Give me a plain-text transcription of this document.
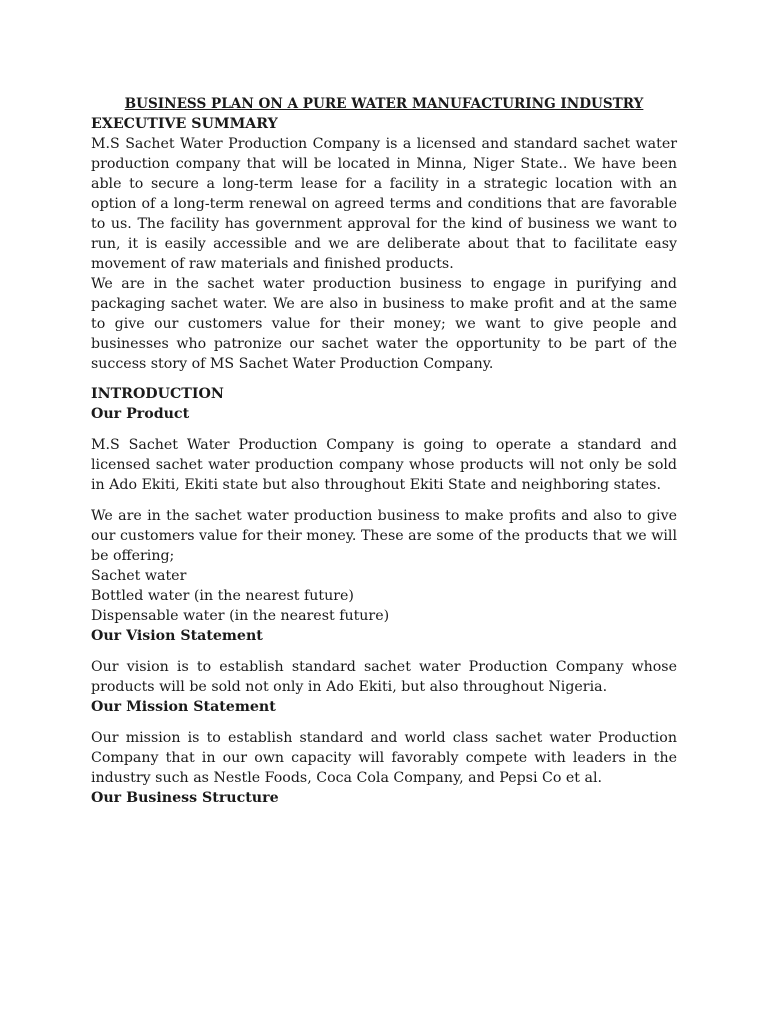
BUSINESS PLAN ON A PURE WATER MANUFACTURING INDUSTRY

EXECUTIVE SUMMARY

M.S Sachet Water Production Company is a licensed and standard sachet water production company that will be located in Minna, Niger State.. We have been able to secure a long-term lease for a facility in a strategic location with an option of a long-term renewal on agreed terms and conditions that are favorable to us. The facility has government approval for the kind of business we want to run, it is easily accessible and we are deliberate about that to facilitate easy movement of raw materials and finished products.

We are in the sachet water production business to engage in purifying and packaging sachet water. We are also in business to make profit and at the same to give our customers value for their money; we want to give people and businesses who patronize our sachet water the opportunity to be part of the success story of MS Sachet Water Production Company.

INTRODUCTION

Our Product

M.S Sachet Water Production Company is going to operate a standard and licensed sachet water production company whose products will not only be sold in Ado Ekiti, Ekiti state but also throughout Ekiti State and neighboring states.

We are in the sachet water production business to make profits and also to give our customers value for their money. These are some of the products that we will be offering;

Sachet water

Bottled water (in the nearest future)

Dispensable water (in the nearest future)

Our Vision Statement

Our vision is to establish standard sachet water Production Company whose products will be sold not only in Ado Ekiti, but also throughout Nigeria.

Our Mission Statement

Our mission is to establish standard and world class sachet water Production Company that in our own capacity will favorably compete with leaders in the industry such as Nestle Foods, Coca Cola Company, and Pepsi Co et al.

Our Business Structure
